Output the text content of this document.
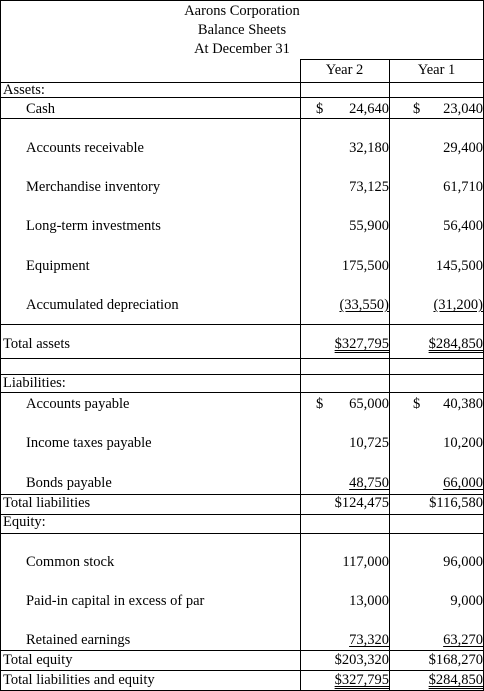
Aarons Corporation
Balance Sheets
At December 31
Year 2	Year 1
Assets:
Cash	$ 24,640 $ 23,040
Accounts receivable	32,180	29,400
Merchandise inventory	73,125	61,710
Long-term investments	55,900	56,400
Equipment	175,500	145,500
Accumulated depreciation	(33,550)	(31,200)
Total assets	$327,795	$284,850
Liabilities:
Accounts payable	$ 65,000 $ 40,380
Income taxes payable	10,725	10,200
Bonds payable	48,750	66,000
Total liabilities	$124,475	$116,580
Equity:
Common stock	117,000	96,000
Paid-in capital in excess of par	13,000	9,000
Retained earnings	73,320	63,270
Total equity	$203,320	$168,270
Total liabilities and equity	$327,795	$284,850
